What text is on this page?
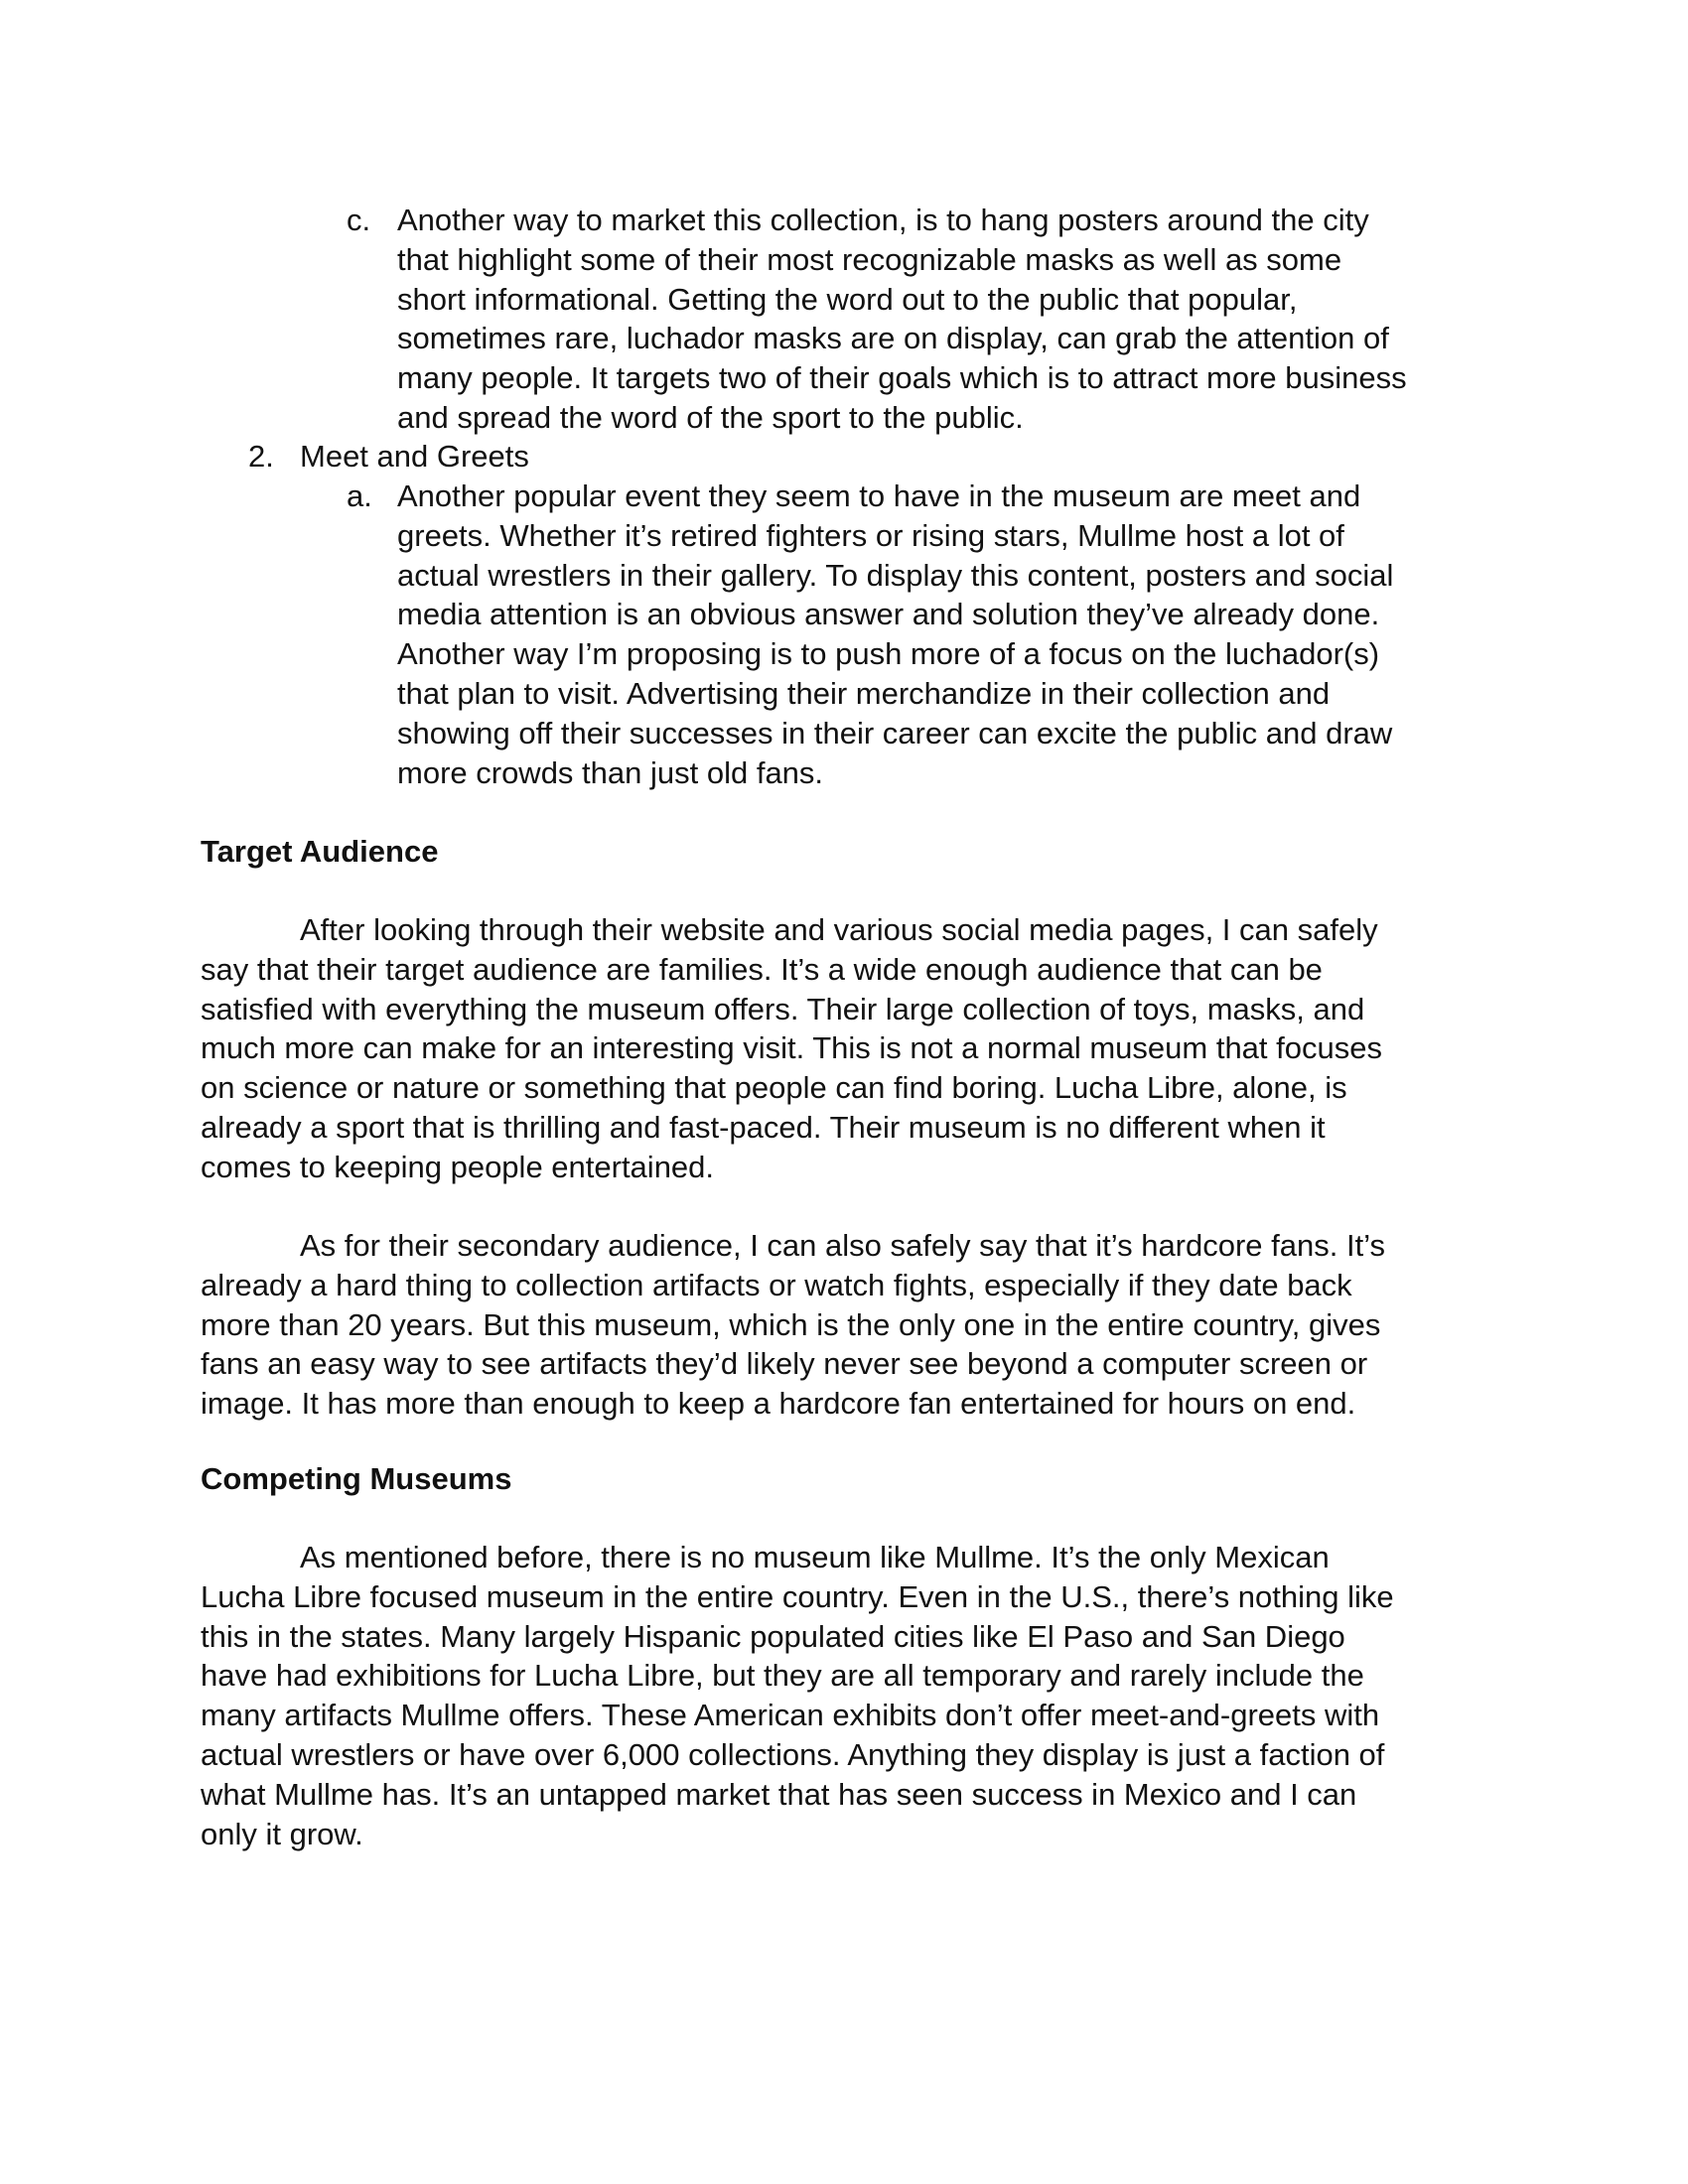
c. Another way to market this collection, is to hang posters around the city
that highlight some of their most recognizable masks as well as some
short informational. Getting the word out to the public that popular,
sometimes rare, luchador masks are on display, can grab the attention of
many people. It targets two of their goals which is to attract more business
and spread the word of the sport to the public.
2. Meet and Greets
a. Another popular event they seem to have in the museum are meet and
greets. Whether it’s retired fighters or rising stars, Mullme host a lot of
actual wrestlers in their gallery. To display this content, posters and social
media attention is an obvious answer and solution they’ve already done.
Another way I’m proposing is to push more of a focus on the luchador(s)
that plan to visit. Advertising their merchandize in their collection and
showing off their successes in their career can excite the public and draw
more crowds than just old fans.
Target Audience
After looking through their website and various social media pages, I can safely
say that their target audience are families. It’s a wide enough audience that can be
satisfied with everything the museum offers. Their large collection of toys, masks, and
much more can make for an interesting visit. This is not a normal museum that focuses
on science or nature or something that people can find boring. Lucha Libre, alone, is
already a sport that is thrilling and fast-paced. Their museum is no different when it
comes to keeping people entertained.
As for their secondary audience, I can also safely say that it’s hardcore fans. It’s
already a hard thing to collection artifacts or watch fights, especially if they date back
more than 20 years. But this museum, which is the only one in the entire country, gives
fans an easy way to see artifacts they’d likely never see beyond a computer screen or
image. It has more than enough to keep a hardcore fan entertained for hours on end.
Competing Museums
As mentioned before, there is no museum like Mullme. It’s the only Mexican
Lucha Libre focused museum in the entire country. Even in the U.S., there’s nothing like
this in the states. Many largely Hispanic populated cities like El Paso and San Diego
have had exhibitions for Lucha Libre, but they are all temporary and rarely include the
many artifacts Mullme offers. These American exhibits don’t offer meet-and-greets with
actual wrestlers or have over 6,000 collections. Anything they display is just a faction of
what Mullme has. It’s an untapped market that has seen success in Mexico and I can
only it grow.
